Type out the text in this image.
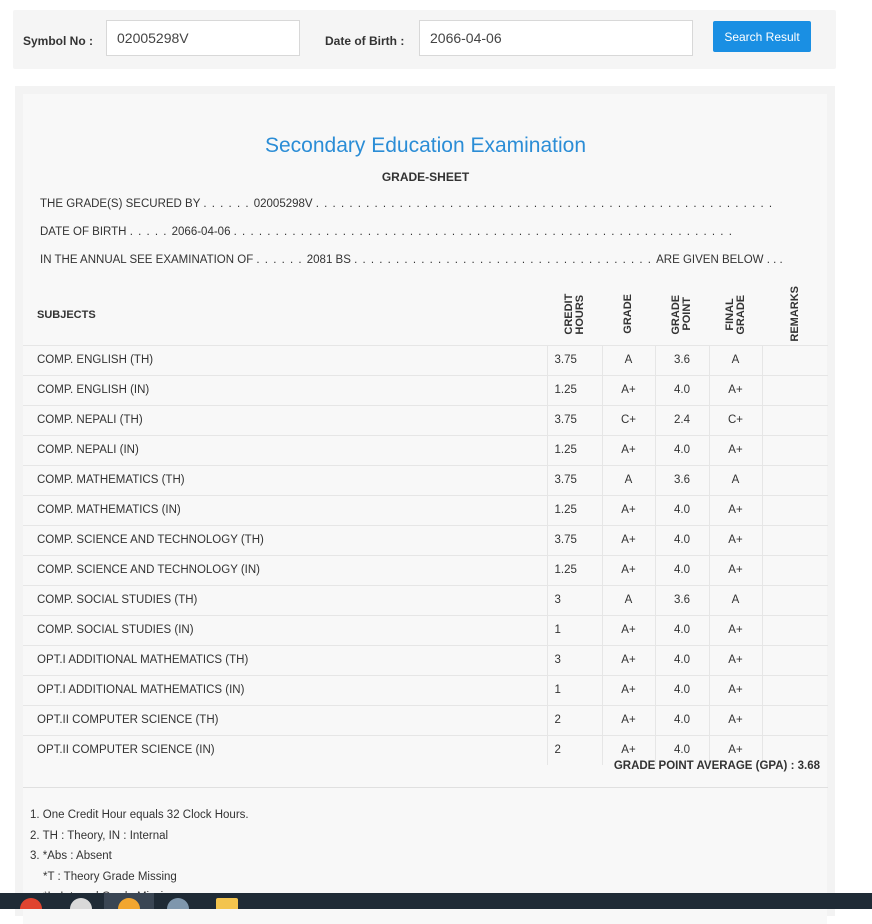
Symbol No :
02005298V	Date of Birth :
2066-04-06	Search Result
Secondary Education Examination
GRADE-SHEET
THE GRADE(S) SECURED BY . . . . . . 02005298V . . . . . . . . . . . . . . . . . . . . . . . . . . . . . . . . . . . . . . . . . . . . . . . . . . . . . . .
DATE OF BIRTH . . . . . 2066-04-06 . . . . . . . . . . . . . . . . . . . . . . . . . . . . . . . . . . . . . . . . . . . . . . . . . . . . . . . . . . . .
IN THE ANNUAL SEE EXAMINATION OF . . . . . . 2081 BS . . . . . . . . . . . . . . . . . . . . . . . . . . . . . . . . . . . . ARE GIVEN BELOW . . .
SUBJECTS	CREDIT HOURS	GRADE	GRADE POINT	FINAL GRADE	REMARKS
COMP. ENGLISH (TH)	3.75	A	3.6	A	
COMP. ENGLISH (IN)	1.25	A+	4.0	A+	
COMP. NEPALI (TH)	3.75	C+	2.4	C+	
COMP. NEPALI (IN)	1.25	A+	4.0	A+	
COMP. MATHEMATICS (TH)	3.75	A	3.6	A	
COMP. MATHEMATICS (IN)	1.25	A+	4.0	A+	
COMP. SCIENCE AND TECHNOLOGY (TH)	3.75	A+	4.0	A+	
COMP. SCIENCE AND TECHNOLOGY (IN)	1.25	A+	4.0	A+	
COMP. SOCIAL STUDIES (TH)	3	A	3.6	A	
COMP. SOCIAL STUDIES (IN)	1	A+	4.0	A+	
OPT.I ADDITIONAL MATHEMATICS (TH)	3	A+	4.0	A+	
OPT.I ADDITIONAL MATHEMATICS (IN)	1	A+	4.0	A+	
OPT.II COMPUTER SCIENCE (TH)	2	A+	4.0	A+	
OPT.II COMPUTER SCIENCE (IN)	2	A+	4.0	A+	
GRADE POINT AVERAGE (GPA) : 3.68
1. One Credit Hour equals 32 Clock Hours.
2. TH : Theory, IN : Internal
3. *Abs : Absent
*T : Theory Grade Missing
